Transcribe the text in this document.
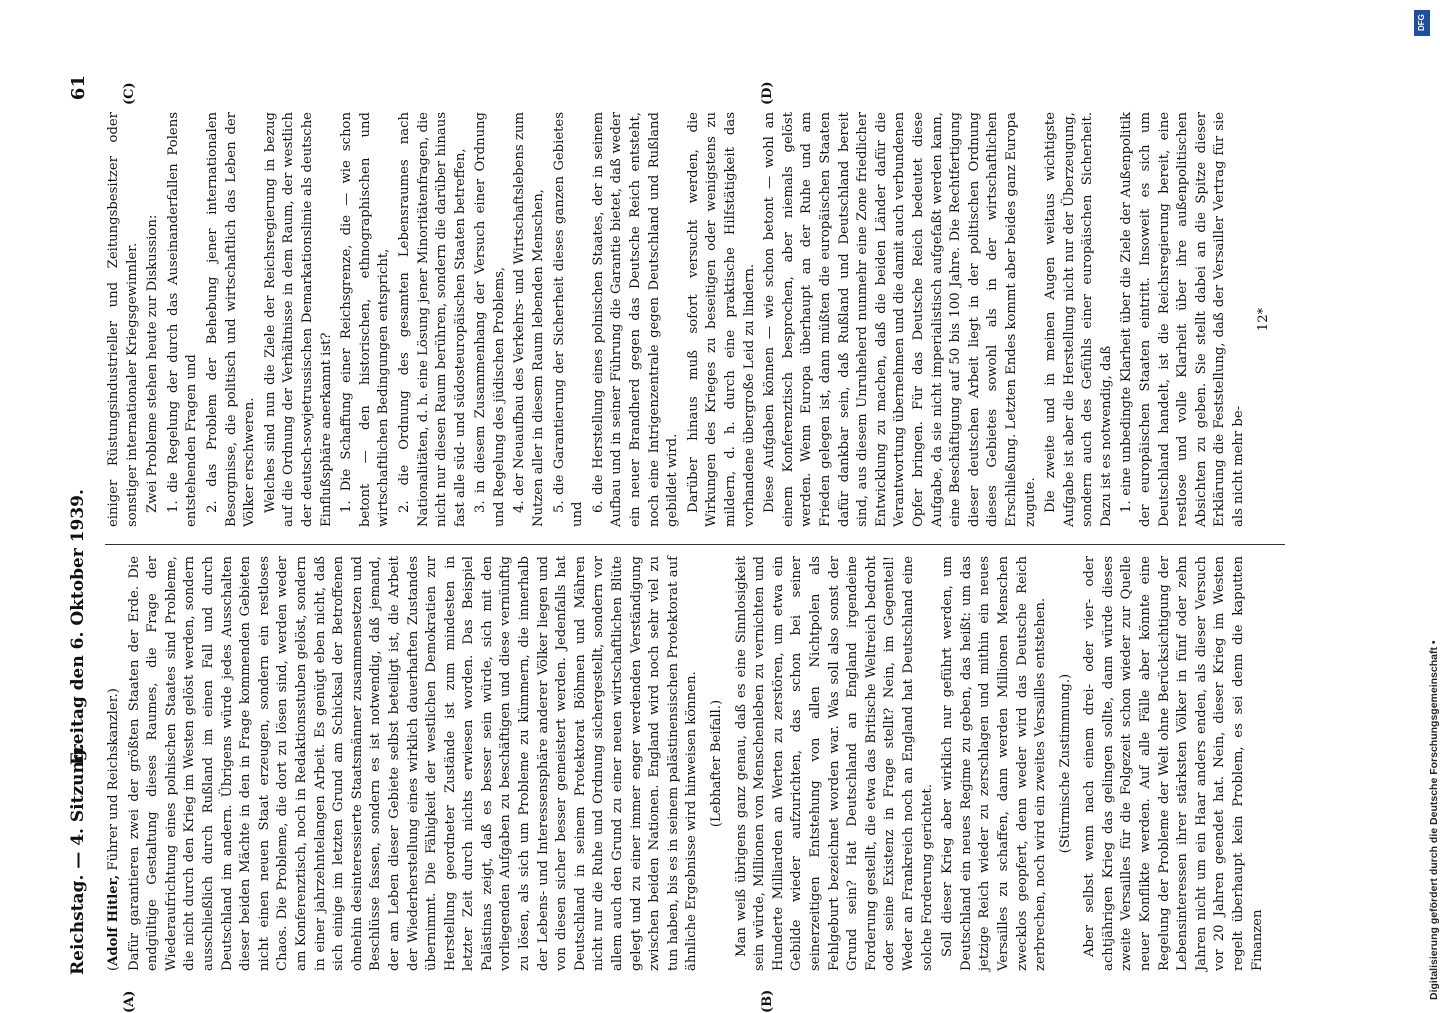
Reichstag. — 4. Sitzung.
Freitag den 6. Oktober 1939.
61
(A)	(B)
(C)	(D)

(Adolf Hitler, Führer und Reichskanzler.) Dafür garantieren zwei der größten Staaten der Erde. Die endgültige Gestaltung dieses Raumes, die Frage der Wiederaufrichtung eines polnischen Staates sind Probleme, die nicht durch den Krieg im Westen gelöst werden, sondern ausschließlich durch Rußland im einen Fall und durch Deutschland im andern. Übrigens würde jedes Ausschalten dieser beiden Mächte in den in Frage kommenden Gebieten nicht einen neuen Staat erzeugen, sondern ein restloses Chaos. Die Probleme, die dort zu lösen sind, werden weder am Konferenztisch, noch in Redaktionsstuben gelöst, sondern in einer jahrzehntelangen Arbeit. Es genügt eben nicht, daß sich einige im letzten Grund am Schicksal der Betroffenen ohnehin desinteressierte Staatsmänner zusammensetzen und Beschlüsse fassen, sondern es ist notwendig, daß jemand, der am Leben dieser Gebiete selbst beteiligt ist, die Arbeit der Wiederherstellung eines wirklich dauerhaften Zustandes übernimmt. Die Fähigkeit der westlichen Demokratien zur Herstellung geordneter Zustände ist zum mindesten in letzter Zeit durch nichts erwiesen worden. Das Beispiel Palästinas zeigt, daß es besser sein würde, sich mit den vorliegenden Aufgaben zu beschäftigen und diese vernünftig zu lösen, als sich um Probleme zu kümmern, die innerhalb der Lebens- und Interessensphäre anderer Völker liegen und von diesen sicher besser gemeistert werden. Jedenfalls hat Deutschland in seinem Protektorat Böhmen und Mähren nicht nur die Ruhe und Ordnung sichergestellt, sondern vor allem auch den Grund zu einer neuen wirtschaftlichen Blüte gelegt und zu einer immer enger werdenden Verständigung zwischen beiden Nationen. England wird noch sehr viel zu tun haben, bis es in seinem palästinensischen Protektorat auf ähnliche Ergebnisse wird hinweisen können. (Lebhafter Beifall.) Man weiß übrigens ganz genau, daß es eine Sinnlosigkeit sein würde, Millionen von Menschenleben zu vernichten und Hunderte Milliarden an Werten zu zerstören, um etwa ein Gebilde wieder aufzurichten, das schon bei seiner seinerzeitigen Entstehung von allen Nichtpolen als Fehlgeburt bezeichnet worden war. Was soll also sonst der Grund sein? Hat Deutschland an England irgendeine Forderung gestellt, die etwa das Britische Weltreich bedroht oder seine Existenz in Frage stellt? Nein, im Gegenteil! Weder an Frankreich noch an England hat Deutschland eine solche Forderung gerichtet. Soll dieser Krieg aber wirklich nur geführt werden, um Deutschland ein neues Regime zu geben, das heißt: um das jetzige Reich wieder zu zerschlagen und mithin ein neues Versailles zu schaffen, dann werden Millionen Menschen zwecklos geopfert, denn weder wird das Deutsche Reich zerbrechen, noch wird ein zweites Versailles entstehen. (Stürmische Zustimmung.) Aber selbst wenn nach einem drei- oder vier- oder achtjährigen Krieg das gelingen sollte, dann würde dieses zweite Versailles für die Folgezeit schon wieder zur Quelle neuer Konflikte werden. Auf alle Fälle aber könnte eine Regelung der Probleme der Welt ohne Berücksichtigung der Lebensinteressen ihrer stärksten Völker in fünf oder zehn Jahren nicht um ein Haar anders enden, als dieser Versuch vor 20 Jahren geendet hat. Nein, dieser Krieg im Westen regelt überhaupt kein Problem, es sei denn die kaputten Finanzen

einiger Rüstungsindustrieller und Zeitungsbesitzer oder sonstiger internationaler Kriegsgewinnler. Zwei Probleme stehen heute zur Diskussion: 1. die Regelung der durch das Auseinanderfallen Polens entstehenden Fragen und 2. das Problem der Behebung jener internationalen Besorgnisse, die politisch und wirtschaftlich das Leben der Völker erschweren. Welches sind nun die Ziele der Reichsregierung in bezug auf die Ordnung der Verhältnisse in dem Raum, der westlich der deutsch-sowjetrussischen Demarkationslinie als deutsche Einflußsphäre anerkannt ist? 1. Die Schaffung einer Reichsgrenze, die — wie schon betont — den historischen, ethnographischen und wirtschaftlichen Bedingungen entspricht, 2. die Ordnung des gesamten Lebensraumes nach Nationalitäten, d. h. eine Lösung jener Minoritätenfragen, die nicht nur diesen Raum berühren, sondern die darüber hinaus fast alle süd- und südosteuropäischen Staaten betreffen, 3. in diesem Zusammenhang der Versuch einer Ordnung und Regelung des jüdischen Problems, 4. der Neuaufbau des Verkehrs- und Wirtschaftslebens zum Nutzen aller in diesem Raum lebenden Menschen, 5. die Garantierung der Sicherheit dieses ganzen Gebietes und

6. die Herstellung eines polnischen Staates, der in seinem Aufbau und in seiner Führung die Garantie bietet, daß weder ein neuer Brandherd gegen das Deutsche Reich entsteht, noch eine Intrigenzentrale gegen Deutschland und Rußland gebildet wird. Darüber hinaus muß sofort versucht werden, die Wirkungen des Krieges zu beseitigen oder wenigstens zu mildern, d. h. durch eine praktische Hilfstätigkeit das vorhandene übergroße Leid zu lindern. Diese Aufgaben können — wie schon betont — wohl an einem Konferenztisch besprochen, aber niemals gelöst werden. Wenn Europa überhaupt an der Ruhe und am Frieden gelegen ist, dann müßten die europäischen Staaten dafür dankbar sein, daß Rußland und Deutschland bereit sind, aus diesem Unruheherd nunmehr eine Zone friedlicher Entwicklung zu machen, daß die beiden Länder dafür die Verantwortung übernehmen und die damit auch verbundenen Opfer bringen. Für das Deutsche Reich bedeutet diese Aufgabe, da sie nicht imperialistisch aufgefaßt werden kann, eine Beschäftigung auf 50 bis 100 Jahre. Die Rechtfertigung dieser deutschen Arbeit liegt in der politischen Ordnung dieses Gebietes sowohl als in der wirtschaftlichen Erschließung. Letzten Endes kommt aber beides ganz Europa zugute. Die zweite und in meinen Augen weitaus wichtigste Aufgabe ist aber die Herstellung nicht nur der Überzeugung, sondern auch des Gefühls einer europäischen Sicherheit. Dazu ist es notwendig, daß 1. eine unbedingte Klarheit über die Ziele der Außenpolitik der europäischen Staaten eintritt. Insoweit es sich um Deutschland handelt, ist die Reichsregierung bereit, eine restlose und volle Klarheit über ihre außenpolitischen Absichten zu geben. Sie stellt dabei an die Spitze dieser Erklärung die Feststellung, daß der Versailler Vertrag für sie als nicht mehr be-

12*

Digitalisierung gefördert durch die Deutsche Forschungsgemeinschaft •
DFG
